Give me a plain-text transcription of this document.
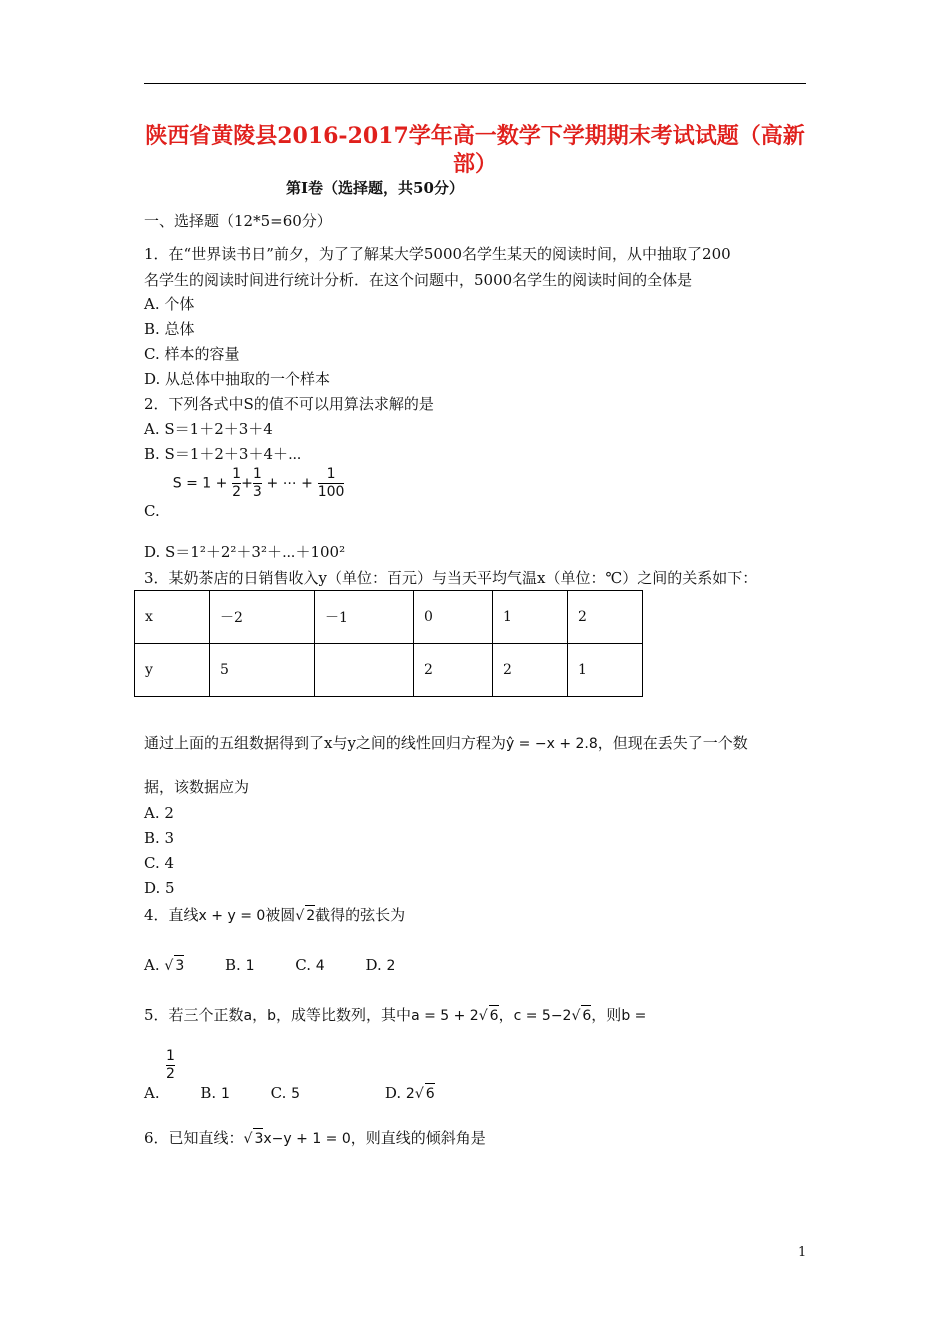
陕西省黄陵县2016-2017学年高一数学下学期期末考试试题（高新部）
第Ⅰ卷（选择题，共50分）
一、选择题（12*5=60分）
1．在“世界读书日”前夕，为了了解某大学5000名学生某天的阅读时间，从中抽取了200
名学生的阅读时间进行统计分析．在这个问题中，5000名学生的阅读时间的全体是
A. 个体
B. 总体
C. 样本的容量
D. 从总体中抽取的一个样本
2．下列各式中S的值不可以用算法求解的是
A. S＝1＋2＋3＋4
B. S＝1＋2＋3＋4＋⋯
$S = 1 + \frac{1}{2} + \frac{1}{3}$ + ⋯ + $\frac{1}{100}$
C.
D. S＝1²＋2²＋3²＋⋯＋100²
3．某奶茶店的日销售收入y（单位：百元）与当天平均气温x（单位：℃）之间的关系如下：
x	－2	－1	0	1	2
y	5		2	2	1
通过上面的五组数据得到了x与y之间的线性回归方程为ŷ = −x + 2.8，但现在丢失了一个数
据，该数据应为
A. 2
B. 3
C. 4
D. 5
4．直线x + y = 0被圆√ 2截得的弦长为
A. √ 3	B. 1	C. 4	D. 2
5．若三个正数a，b，成等比数列，其中a = 5 + 2√ 6，c = 5−2√ 6，则b =
$\frac{1}{2}$
A.	B. 1	C. 5	D. 2√ 6
6．已知直线：√ 3x−y + 1 = 0，则直线的倾斜角是
1
